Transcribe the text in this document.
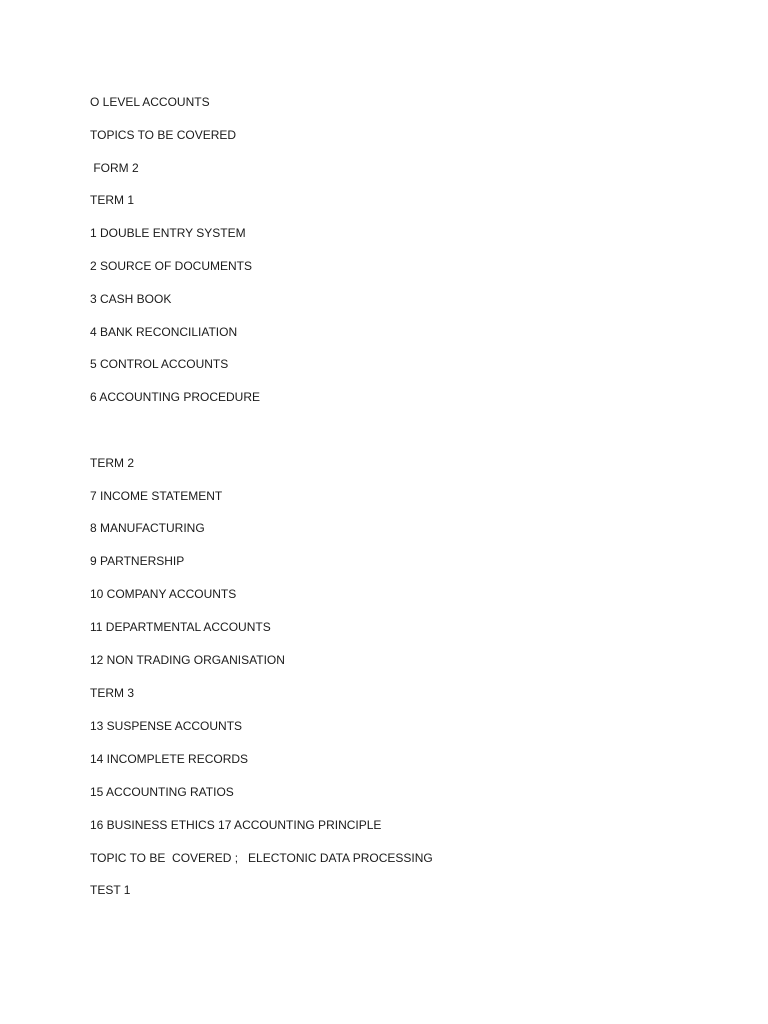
O LEVEL ACCOUNTS
TOPICS TO BE COVERED
FORM 2
TERM 1
1 DOUBLE ENTRY SYSTEM
2 SOURCE OF DOCUMENTS
3 CASH BOOK
4 BANK RECONCILIATION
5 CONTROL ACCOUNTS
6 ACCOUNTING PROCEDURE
TERM 2
7 INCOME STATEMENT
8 MANUFACTURING
9 PARTNERSHIP
10 COMPANY ACCOUNTS
11 DEPARTMENTAL ACCOUNTS
12 NON TRADING ORGANISATION
TERM 3
13 SUSPENSE ACCOUNTS
14 INCOMPLETE RECORDS
15 ACCOUNTING RATIOS
16 BUSINESS ETHICS 17 ACCOUNTING PRINCIPLE
TOPIC TO BE  COVERED ;   ELECTONIC DATA PROCESSING
TEST 1
